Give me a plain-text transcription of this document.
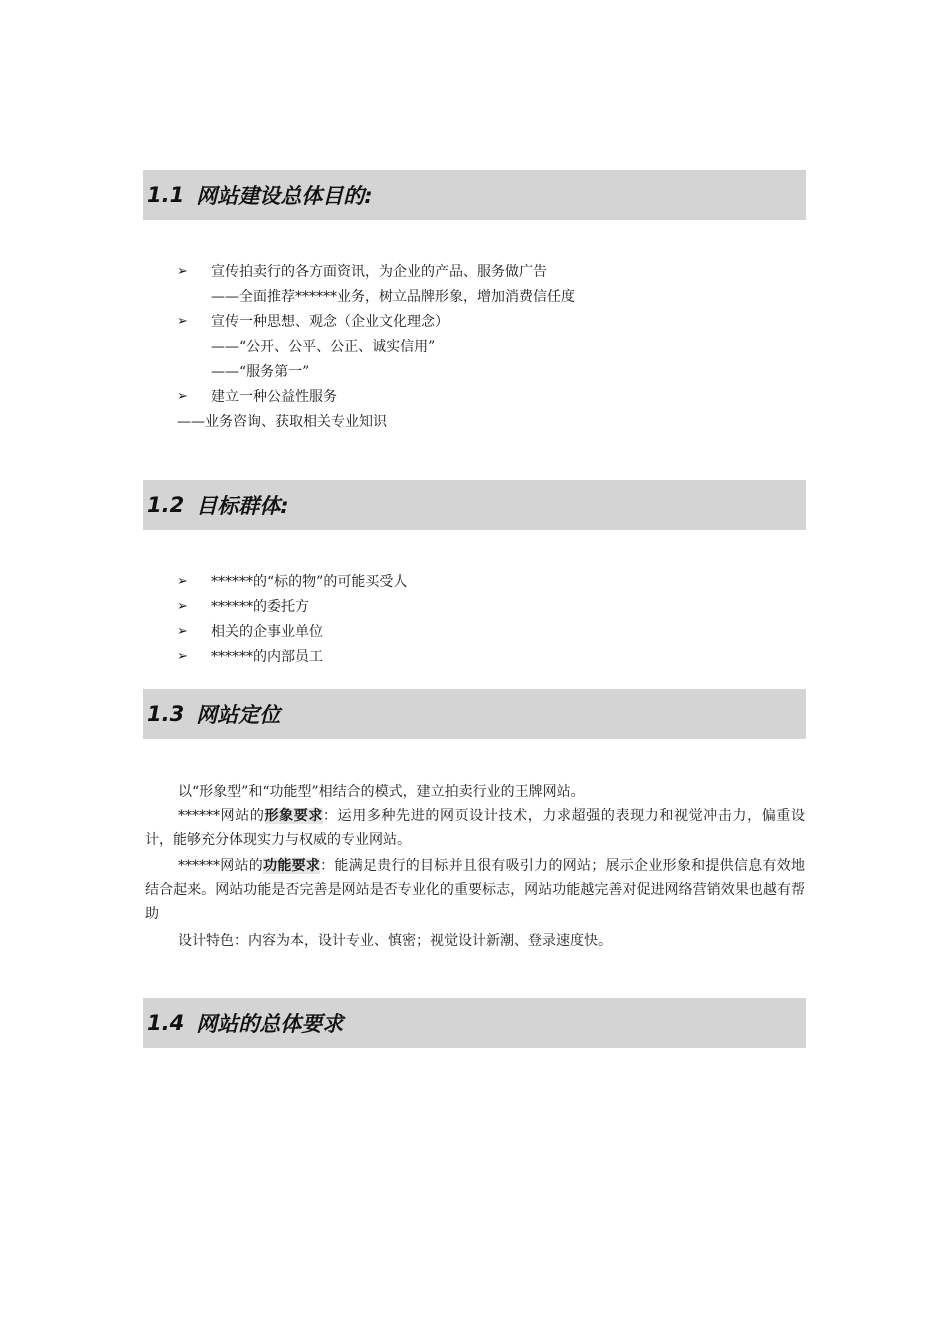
1.1 网站建设总体目的:
➢ 宣传拍卖行的各方面资讯，为企业的产品、服务做广告
——全面推荐******业务，树立品牌形象，增加消费信任度
➢ 宣传一种思想、观念（企业文化理念）
——“公开、公平、公正、诚实信用”
——“服务第一”
➢ 建立一种公益性服务
——业务咨询、获取相关专业知识
1.2 目标群体:
➢ ******的“标的物”的可能买受人
➢ ******的委托方
➢ 相关的企事业单位
➢ ******的内部员工
1.3 网站定位
以“形象型”和“功能型”相结合的模式，建立拍卖行业的王牌网站。
******网站的形象要求：运用多种先进的网页设计技术，力求超强的表现力和视觉冲击力，偏重设计，能够充分体现实力与权威的专业网站。
******网站的功能要求：能满足贵行的目标并且很有吸引力的网站；展示企业形象和提供信息有效地结合起来。网站功能是否完善是网站是否专业化的重要标志，网站功能越完善对促进网络营销效果也越有帮助
设计特色：内容为本，设计专业、慎密；视觉设计新潮、登录速度快。
1.4 网站的总体要求
